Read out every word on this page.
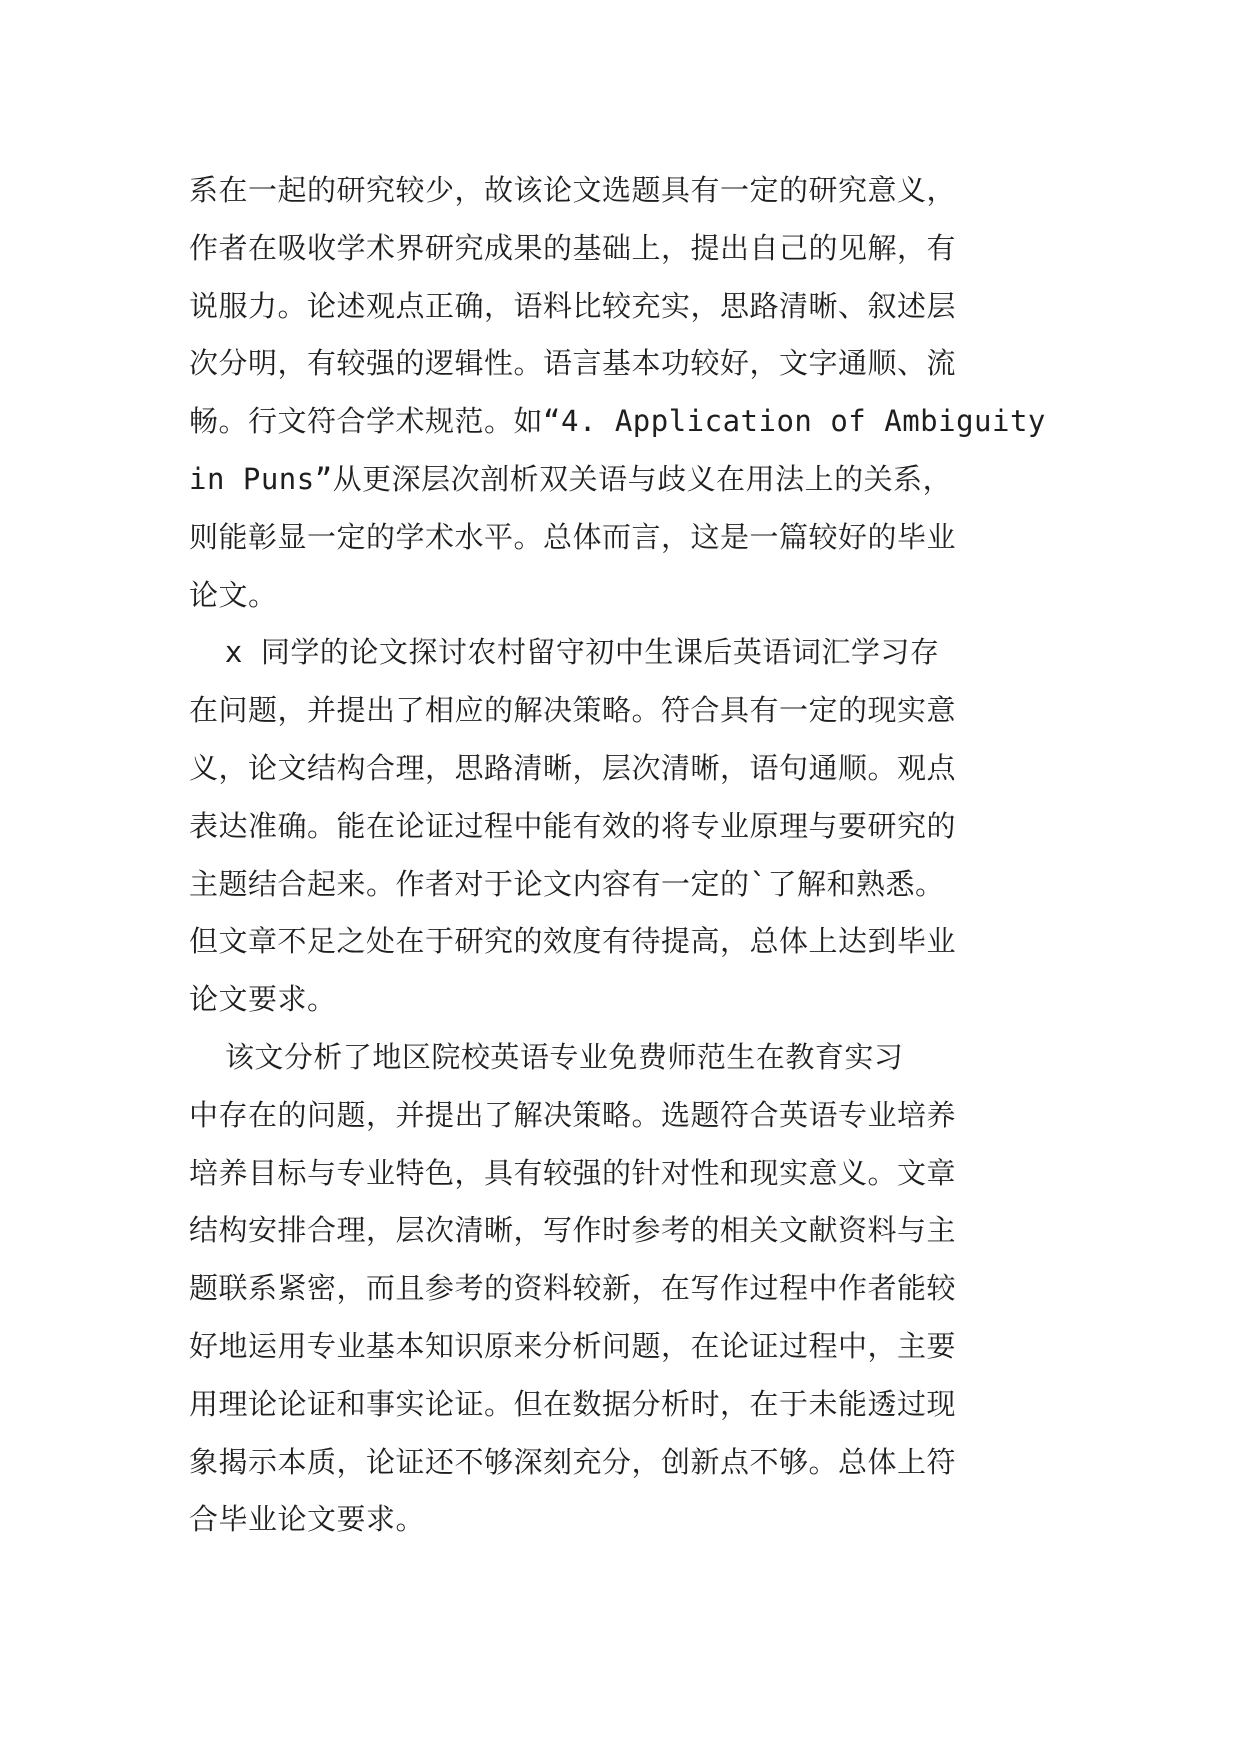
系在一起的研究较少，故该论文选题具有一定的研究意义，
作者在吸收学术界研究成果的基础上，提出自己的见解，有
说服力。论述观点正确，语料比较充实，思路清晰、叙述层
次分明，有较强的逻辑性。语言基本功较好，文字通顺、流
畅。行文符合学术规范。如“4. Application of Ambiguity
in Puns”从更深层次剖析双关语与歧义在用法上的关系，
则能彰显一定的学术水平。总体而言，这是一篇较好的毕业
论文。
x 同学的论文探讨农村留守初中生课后英语词汇学习存
在问题，并提出了相应的解决策略。符合具有一定的现实意
义，论文结构合理，思路清晰，层次清晰，语句通顺。观点
表达准确。能在论证过程中能有效的将专业原理与要研究的
主题结合起来。作者对于论文内容有一定的`了解和熟悉。
但文章不足之处在于研究的效度有待提高，总体上达到毕业
论文要求。
该文分析了地区院校英语专业免费师范生在教育实习
中存在的问题，并提出了解决策略。选题符合英语专业培养
培养目标与专业特色，具有较强的针对性和现实意义。文章
结构安排合理，层次清晰，写作时参考的相关文献资料与主
题联系紧密，而且参考的资料较新，在写作过程中作者能较
好地运用专业基本知识原来分析问题，在论证过程中，主要
用理论论证和事实论证。但在数据分析时，在于未能透过现
象揭示本质，论证还不够深刻充分，创新点不够。总体上符
合毕业论文要求。
